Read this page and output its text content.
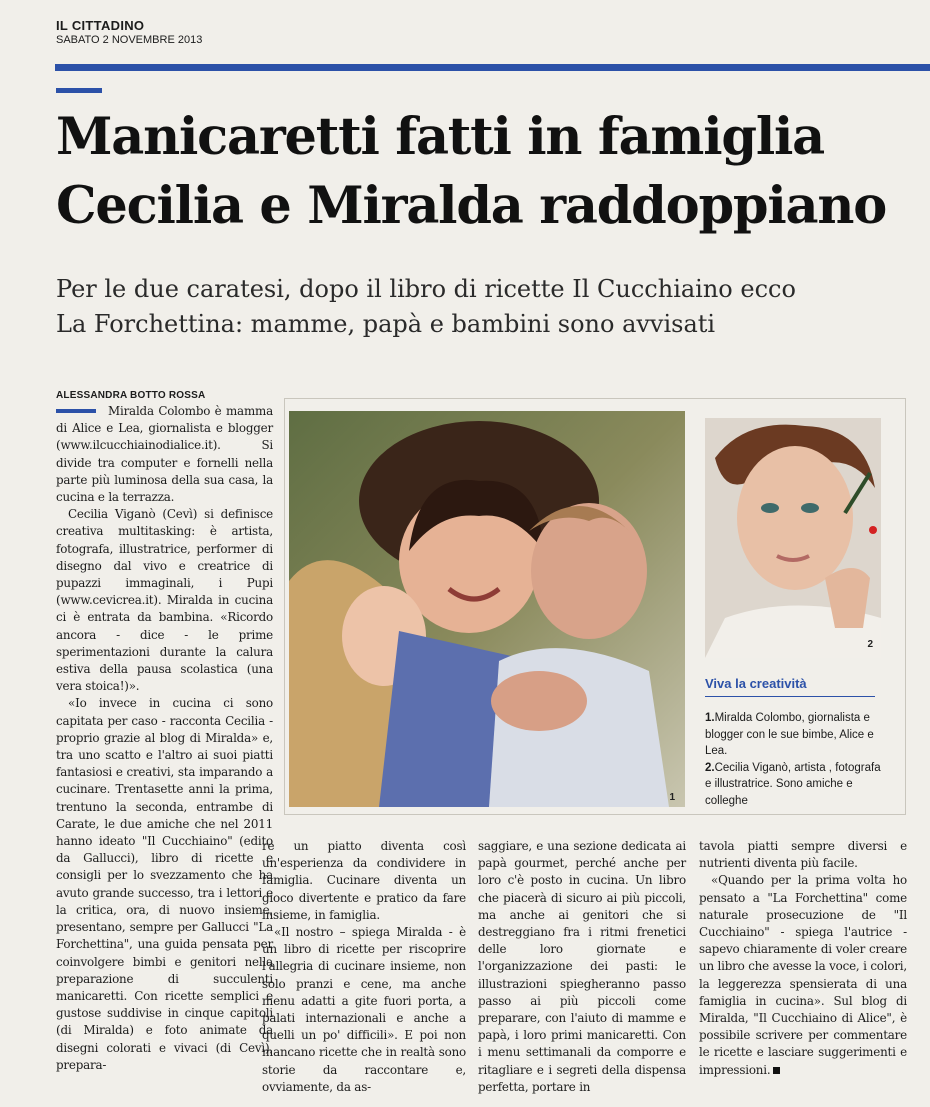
IL CITTADINO
SABATO 2 NOVEMBRE 2013
Manicaretti fatti in famiglia
Cecilia e Miralda raddoppiano
Per le due caratesi, dopo il libro di ricette Il Cucchiaino ecco
La Forchettina: mamme, papà e bambini sono avvisati
ALESSANDRA BOTTO ROSSA

Miralda Colombo è mamma di Alice e Lea, giornalista e blogger (www.ilcucchiainodialice.it). Si divide tra computer e fornelli nella parte più luminosa della sua casa, la cucina e la terrazza.

Cecilia Viganò (Cevì) si definisce creativa multitasking: è artista, fotografa, illustratrice, performer di disegno dal vivo e creatrice di pupazzi immaginali, i Pupi (www.cevicrea.it). Miralda in cucina ci è entrata da bambina. «Ricordo ancora - dice - le prime sperimentazioni durante la calura estiva della pausa scolastica (una vera stoica!)».

«Io invece in cucina ci sono capitata per caso - racconta Cecilia - proprio grazie al blog di Miralda» e, tra uno scatto e l'altro ai suoi piatti fantasiosi e creativi, sta imparando a cucinare. Trentasette anni la prima, trentuno la seconda, entrambe di Carate, le due amiche che nel 2011 hanno ideato "Il Cucchiaino" (edito da Gallucci), libro di ricette e consigli per lo svezzamento che ha avuto grande successo, tra i lettori e la critica, ora, di nuovo insieme, presentano, sempre per Gallucci "La Forchettina", una guida pensata per coinvolgere bimbi e genitori nella preparazione di succulenti manicaretti. Con ricette semplici e gustose suddivise in cinque capitoli (di Miralda) e foto animate da disegni colorati e vivaci (di Cevì), prepara-

1
2
Viva la creatività
1.Miralda Colombo, giornalista e blogger con le sue bimbe, Alice e Lea.
2.Cecilia Viganò, artista , fotografa e illustratrice. Sono amiche e colleghe

re un piatto diventa così un'esperienza da condividere in famiglia. Cucinare diventa un gioco divertente e pratico da fare insieme, in famiglia.

«Il nostro – spiega Miralda - è un libro di ricette per riscoprire l'allegria di cucinare insieme, non solo pranzi e cene, ma anche menu adatti a gite fuori porta, a palati internazionali e anche a quelli un po' difficili». E poi non mancano ricette che in realtà sono storie da raccontare e, ovviamente, da as-

saggiare, e una sezione dedicata ai papà gourmet, perché anche per loro c'è posto in cucina. Un libro che piacerà di sicuro ai più piccoli, ma anche ai genitori che si destreggiano fra i ritmi frenetici delle loro giornate e l'organizzazione dei pasti: le illustrazioni spiegheranno passo passo ai più piccoli come preparare, con l'aiuto di mamme e papà, i loro primi manicaretti. Con i menu settimanali da comporre e ritagliare e i segreti della dispensa perfetta, portare in

tavola piatti sempre diversi e nutrienti diventa più facile.

«Quando per la prima volta ho pensato a "La Forchettina" come naturale prosecuzione de "Il Cucchiaino" - spiega l'autrice - sapevo chiaramente di voler creare un libro che avesse la voce, i colori, la leggerezza spensierata di una famiglia in cucina». Sul blog di Miralda, "Il Cucchiaino di Alice", è possibile scrivere per commentare le ricette e lasciare suggerimenti e impressioni.
